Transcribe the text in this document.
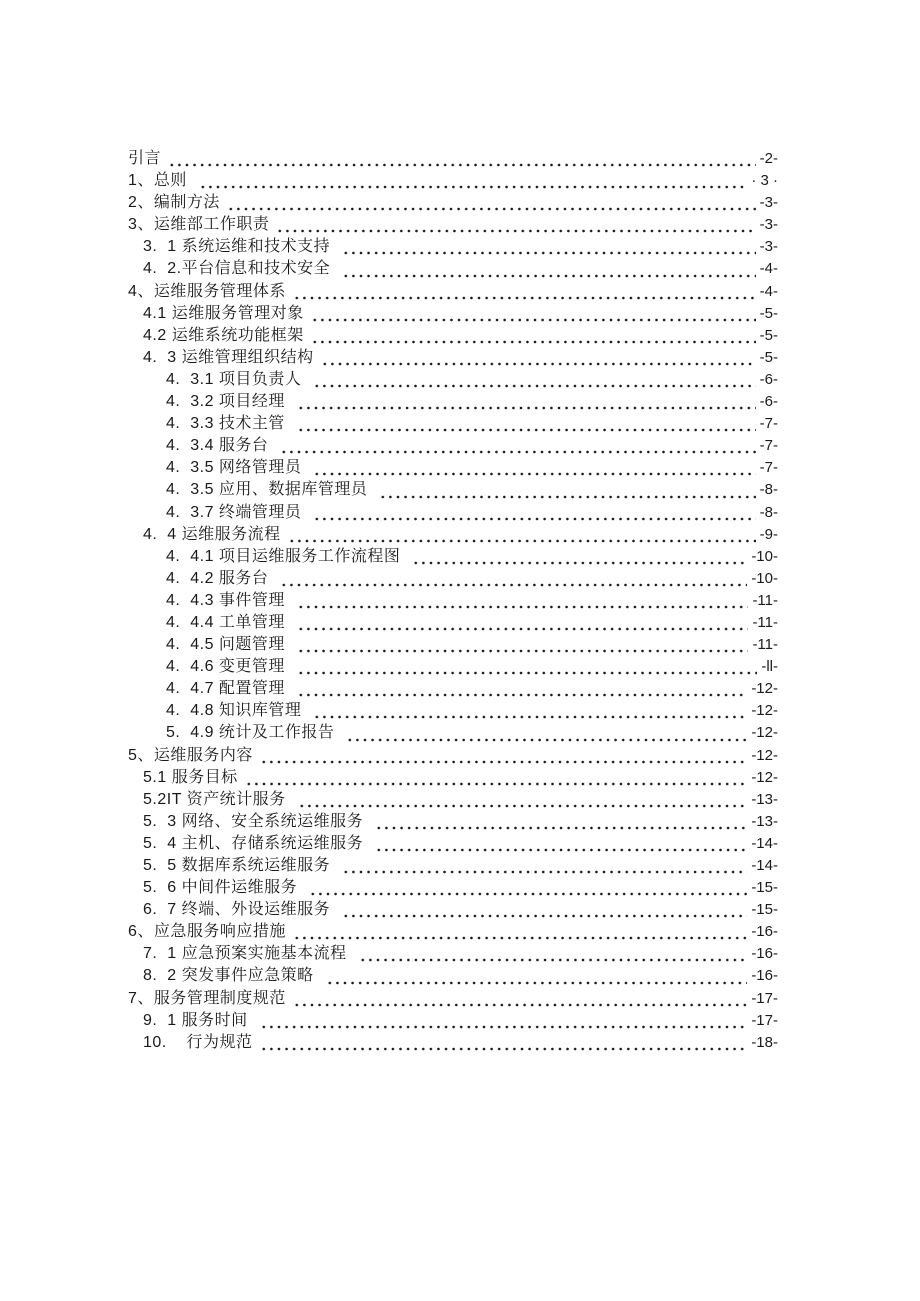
引言	-2-
1、总则	· 3 ·
2、编制方法	-3-
3、运维部工作职责	-3-
3.  1 系统运维和技术支持	-3-
4.  2.平台信息和技术安全	-4-
4、运维服务管理体系	-4-
4.1 运维服务管理对象	-5-
4.2 运维系统功能框架	-5-
4.  3 运维管理组织结构	-5-
4.  3.1 项目负责人	-6-
4.  3.2 项目经理	-6-
4.  3.3 技术主管	-7-
4.  3.4 服务台	-7-
4.  3.5 网络管理员	-7-
4.  3.5 应用、数据库管理员	-8-
4.  3.7 终端管理员	-8-
4.  4 运维服务流程	-9-
4.  4.1 项目运维服务工作流程图	-10-
4.  4.2 服务台	-10-
4.  4.3 事件管理	-11-
4.  4.4 工单管理	-11-
4.  4.5 问题管理	-11-
4.  4.6 变更管理	-ll-
4.  4.7 配置管理	-12-
4.  4.8 知识库管理	-12-
5.  4.9 统计及工作报告	-12-
5、运维服务内容	-12-
5.1 服务目标	-12-
5.2IT 资产统计服务	-13-
5.  3 网络、安全系统运维服务	-13-
5.  4 主机、存储系统运维服务	-14-
5.  5 数据库系统运维服务	-14-
5.  6 中间件运维服务	-15-
6.  7 终端、外设运维服务	-15-
6、应急服务响应措施	-16-
7.  1 应急预案实施基本流程	-16-
8.  2 突发事件应急策略	-16-
7、服务管理制度规范	-17-
9.  1 服务时间	-17-
10.    行为规范	-18-
